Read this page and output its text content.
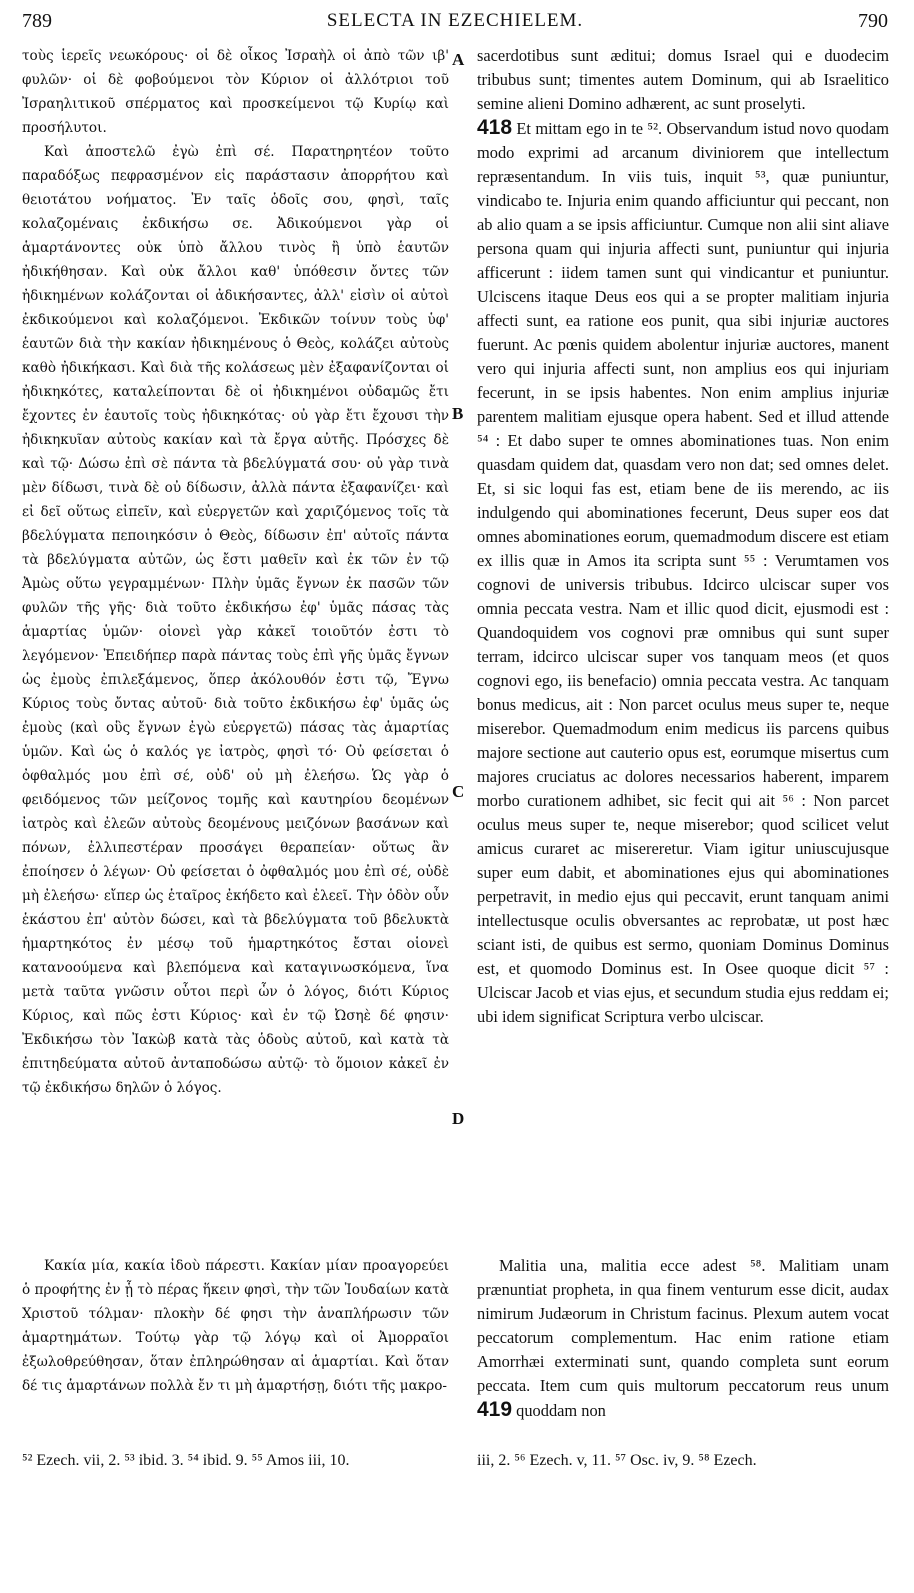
789	SELECTA IN EZECHIELEM.	790
A
B
C
D

τοὺς ἱερεῖς νεωκόρους· οἱ δὲ οἶκος Ἰσραὴλ οἱ ἀπὸ τῶν ιβ' φυλῶν· οἱ δὲ φοβούμενοι τὸν Κύριον οἱ ἀλλότριοι τοῦ Ἰσραηλιτικοῦ σπέρματος καὶ προσκείμενοι τῷ Κυρίῳ καὶ προσήλυτοι.

Καὶ ἀποστελῶ ἐγὼ ἐπὶ σέ. Παρατηρητέον τοῦτο παραδόξως πεφρασμένον εἰς παράστασιν ἀπορρήτου καὶ θειοτάτου νοήματος. Ἐν ταῖς ὁδοῖς σου, φησὶ, ταῖς κολαζομέναις ἐκδικήσω σε. Ἀδικούμενοι γὰρ οἱ ἁμαρτάνοντες οὐκ ὑπὸ ἄλλου τινὸς ἢ ὑπὸ ἑαυτῶν ἠδικήθησαν. Καὶ οὐκ ἄλλοι καθ' ὑπόθεσιν ὄντες τῶν ἠδικημένων κολάζονται οἱ ἀδικήσαντες, ἀλλ' εἰσὶν οἱ αὐτοὶ ἐκδικούμενοι καὶ κολαζόμενοι. Ἐκδικῶν τοίνυν τοὺς ὑφ' ἑαυτῶν διὰ τὴν κακίαν ἠδικημένους ὁ Θεὸς, κολάζει αὐτοὺς καθὸ ἠδικήκασι. Καὶ διὰ τῆς κολάσεως μὲν ἐξαφανίζονται οἱ ἠδικηκότες, καταλείπονται δὲ οἱ ἠδικημένοι οὐδαμῶς ἔτι ἔχοντες ἐν ἑαυτοῖς τοὺς ἠδικηκότας· οὐ γὰρ ἔτι ἔχουσι τὴν ἠδικηκυῖαν αὐτοὺς κακίαν καὶ τὰ ἔργα αὐτῆς. Πρόσχες δὲ καὶ τῷ· Δώσω ἐπὶ σὲ πάντα τὰ βδελύγματά σου· οὐ γὰρ τινὰ μὲν δίδωσι, τινὰ δὲ οὐ δίδωσιν, ἀλλὰ πάντα ἐξαφανίζει· καὶ εἰ δεῖ οὕτως εἰπεῖν, καὶ εὐεργετῶν καὶ χαριζόμενος τοῖς τὰ βδελύγματα πεποιηκόσιν ὁ Θεὸς, δίδωσιν ἐπ' αὐτοῖς πάντα τὰ βδελύγματα αὐτῶν, ὡς ἔστι μαθεῖν καὶ ἐκ τῶν ἐν τῷ Ἀμὼς οὕτω γεγραμμένων· Πλὴν ὑμᾶς ἔγνων ἐκ πασῶν τῶν φυλῶν τῆς γῆς· διὰ τοῦτο ἐκδικήσω ἐφ' ὑμᾶς πάσας τὰς ἁμαρτίας ὑμῶν· οἱονεὶ γὰρ κἀκεῖ τοιοῦτόν ἐστι τὸ λεγόμενον· Ἐπειδήπερ παρὰ πάντας τοὺς ἐπὶ γῆς ὑμᾶς ἔγνων ὡς ἐμοὺς ἐπιλεξάμενος, ὅπερ ἀκόλουθόν ἐστι τῷ, Ἔγνω Κύριος τοὺς ὄντας αὐτοῦ· διὰ τοῦτο ἐκδικήσω ἐφ' ὑμᾶς ὡς ἐμοὺς (καὶ οὓς ἔγνων ἐγὼ εὐεργετῶ) πάσας τὰς ἁμαρτίας ὑμῶν. Καὶ ὡς ὁ καλός γε ἰατρὸς, φησὶ τό· Οὐ φείσεται ὁ ὀφθαλμός μου ἐπὶ σέ, οὐδ' οὐ μὴ ἐλεήσω. Ὡς γὰρ ὁ φειδόμενος τῶν μείζονος τομῆς καὶ καυτηρίου δεομένων ἰατρὸς καὶ ἐλεῶν αὐτοὺς δεομένους μειζόνων βασάνων καὶ πόνων, ἐλλιπεστέραν προσάγει θεραπείαν· οὕτως ἂν ἐποίησεν ὁ λέγων· Οὐ φείσεται ὁ ὀφθαλμός μου ἐπὶ σέ, οὐδὲ μὴ ἐλεήσω· εἴπερ ὡς ἑταῖρος ἐκήδετο καὶ ἐλεεῖ. Τὴν ὁδὸν οὖν ἑκάστου ἐπ' αὐτὸν δώσει, καὶ τὰ βδελύγματα τοῦ βδελυκτὰ ἡμαρτηκότος ἐν μέσῳ τοῦ ἡμαρτηκότος ἔσται οἱονεὶ κατανοούμενα καὶ βλεπόμενα καὶ καταγινωσκόμενα, ἵνα μετὰ ταῦτα γνῶσιν οὗτοι περὶ ὧν ὁ λόγος, διότι Κύριος Κύριος, καὶ πῶς ἐστι Κύριος· καὶ ἐν τῷ Ὠσηὲ δέ φησιν· Ἐκδικήσω τὸν Ἰακὼβ κατὰ τὰς ὁδοὺς αὐτοῦ, καὶ κατὰ τὰ ἐπιτηδεύματα αὐτοῦ ἀνταποδώσω αὐτῷ· τὸ ὅμοιον κἀκεῖ ἐν τῷ ἐκδικήσω δηλῶν ὁ λόγος.

sacerdotibus sunt æditui; domus Israel qui e duodecim tribubus sunt; timentes autem Dominum, qui ab Israelitico semine alieni Domino adhærent, ac sunt proselyti.

418 Et mittam ego in te ⁵². Observandum istud novo quodam modo exprimi ad arcanum diviniorem que intellectum repræsentandum. In viis tuis, inquit ⁵³, quæ puniuntur, vindicabo te. Injuria enim quando afficiuntur qui peccant, non ab alio quam a se ipsis afficiuntur. Cumque non alii sint aliave persona quam qui injuria affecti sunt, puniuntur qui injuria afficerunt : iidem tamen sunt qui vindicantur et puniuntur. Ulciscens itaque Deus eos qui a se propter malitiam injuria affecti sunt, ea ratione eos punit, qua sibi injuriæ auctores fuerunt. Ac pœnis quidem abolentur injuriæ auctores, manent vero qui injuria affecti sunt, non amplius eos qui injuriam fecerunt, in se ipsis habentes. Non enim amplius injuriæ parentem malitiam ejusque opera habent. Sed et illud attende ⁵⁴ : Et dabo super te omnes abominationes tuas. Non enim quasdam quidem dat, quasdam vero non dat; sed omnes delet. Et, si sic loqui fas est, etiam bene de iis merendo, ac iis indulgendo qui abominationes fecerunt, Deus super eos dat omnes abominationes eorum, quemadmodum discere est etiam ex illis quæ in Amos ita scripta sunt ⁵⁵ : Verumtamen vos cognovi de universis tribubus. Idcirco ulciscar super vos omnia peccata vestra. Nam et illic quod dicit, ejusmodi est : Quandoquidem vos cognovi præ omnibus qui sunt super terram, idcirco ulciscar super vos tanquam meos (et quos cognovi ego, iis benefacio) omnia peccata vestra. Ac tanquam bonus medicus, ait : Non parcet oculus meus super te, neque miserebor. Quemadmodum enim medicus iis parcens quibus majore sectione aut cauterio opus est, eorumque misertus cum majores cruciatus ac dolores necessarios haberent, imparem morbo curationem adhibet, sic fecit qui ait ⁵⁶ : Non parcet oculus meus super te, neque miserebor; quod scilicet velut amicus curaret ac misereretur. Viam igitur uniuscujusque super eum dabit, et abominationes ejus qui abominationes perpetravit, in medio ejus qui peccavit, erunt tanquam animi intellectusque oculis obversantes ac reprobatæ, ut post hæc sciant isti, de quibus est sermo, quoniam Dominus Dominus est, et quomodo Dominus est. In Osee quoque dicit ⁵⁷ : Ulciscar Jacob et vias ejus, et secundum studia ejus reddam ei; ubi idem significat Scriptura verbo ulciscar.

Κακία μία, κακία ἰδοὺ πάρεστι. Κακίαν μίαν προαγορεύει ὁ προφήτης ἐν ᾗ τὸ πέρας ἥκειν φησὶ, τὴν τῶν Ἰουδαίων κατὰ Χριστοῦ τόλμαν· πλοκὴν δέ φησι τὴν ἀναπλήρωσιν τῶν ἁμαρτημάτων. Τούτῳ γὰρ τῷ λόγῳ καὶ οἱ Ἀμορραῖοι ἐξωλοθρεύθησαν, ὅταν ἐπληρώθησαν αἱ ἁμαρτίαι. Καὶ ὅταν δέ τις ἁμαρτάνων πολλὰ ἔν τι μὴ ἁμαρτήσῃ, διότι τῆς μακρο-

Malitia una, malitia ecce adest ⁵⁸. Malitiam unam prænuntiat propheta, in qua finem venturum esse dicit, audax nimirum Judæorum in Christum facinus. Plexum autem vocat peccatorum complementum. Hac enim ratione etiam Amorrhæi exterminati sunt, quando completa sunt eorum peccata. Item cum quis multorum peccatorum reus unum 419 quoddam non

⁵² Ezech. vii, 2. ⁵³ ibid. 3. ⁵⁴ ibid. 9. ⁵⁵ Amos iii, 10.	iii, 2. ⁵⁶ Ezech. v, 11. ⁵⁷ Osc. iv, 9. ⁵⁸ Ezech.
